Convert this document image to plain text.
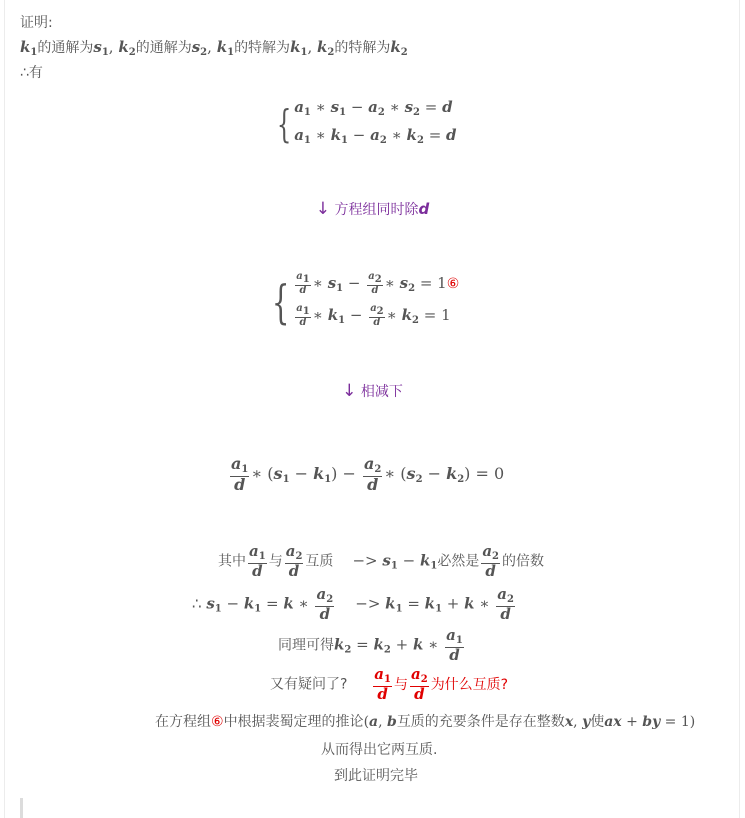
证明:
$k_1$的通解为$s_1$, $k_2$的通解为$s_2$, $k_1$的特解为$k_1$, $k_2$的特解为$k_2$
∴有
{ $a_1$ ∗ $s_1 - a_2$ ∗ $s_2 = d$
$a_1$ ∗ $k_1 - a_2$ ∗ $k_2 = d$
↓ 方程组同时除d
{ $\frac{a_1}{d}$ ∗ $s_1 - \frac{a_2}{d}$ ∗ $s_2$ = 1⑥

$\frac{a_1}{d}$ ∗ $k_1 - \frac{a_2}{d}$ ∗ $k_2 = 1$
↓ 相减下
$\frac{a_1}{d}$ ∗ $(s_1 - k_1) - \frac{a_2}{d}$ ∗ $(s_2 - k_2) = 0$
其中 $\frac{a_1}{d}$ 与 $\frac{a_2}{d}$ 互质 −> $s_1 - k_1$必然是 $\frac{a_2}{d}$ 的倍数
∴ $s_1 - k_1 = k$ ∗ $\frac{a_2}{d} -> k_1 = k_1 + k$ ∗ $\frac{a_2}{d}$
同理可得$k_2 = k_2 + k$ ∗ $\frac{a_1}{d}$
又有疑问了? $\frac{a_1}{d}$ 与 $\frac{a_2}{d}$ 为什么互质?
在方程组⑥中根据裴蜀定理的推论(a, b互质的充要条件是存在整数x, y使ax + by = 1)
从而得出它两互质.
到此证明完毕
